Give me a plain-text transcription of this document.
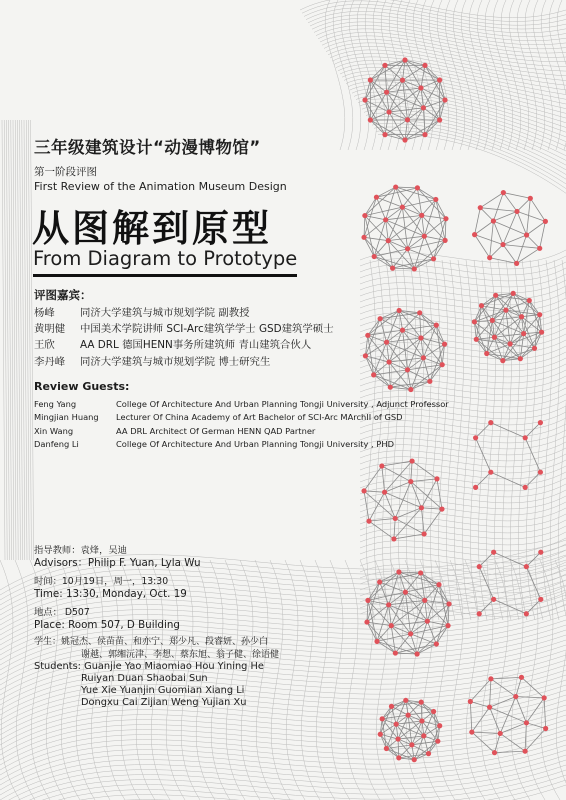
三年级建筑设计“动漫博物馆”
第一阶段评图
First Review of the Animation Museum Design
从图解到原型
From Diagram to Prototype
评图嘉宾：
杨峰 同济大学建筑与城市规划学院 副教授
黄明健 中国美术学院讲师 SCI-Arc建筑学学士 GSD建筑学硕士
王欣 AA DRL 德国HENN事务所建筑师 青山建筑合伙人
李丹峰 同济大学建筑与城市规划学院 博士研究生
Review Guests:
Feng Yang	College Of Architecture And Urban Planning Tongji University , Adjunct Professor
Mingjian Huang Lecturer Of China Academy of Art Bachelor of SCI-Arc MArchII of GSD
Xin Wang	AA DRL Architect Of German HENN QAD Partner
Danfeng Li	College Of Architecture And Urban Planning Tongji University , PHD
指导教师：袁烽，吴迪
Advisors：Philip F. Yuan, Lyla Wu
时间：10月19日，周一，13:30
Time: 13:30, Monday, Oct. 19
地点： D507
Place: Room 507, D Building
学生：姚冠杰、侯苗苗、和亦宁、郑少凡、段睿妍、孙少白
谢越、郭缃沅津、李想、蔡东旭、翁子健、徐语健
Students: Guanjie Yao Miaomiao Hou Yining He
Ruiyan Duan Shaobai Sun
Yue Xie Yuanjin Guomian Xiang Li
Dongxu Cai Zijian Weng Yujian Xu
